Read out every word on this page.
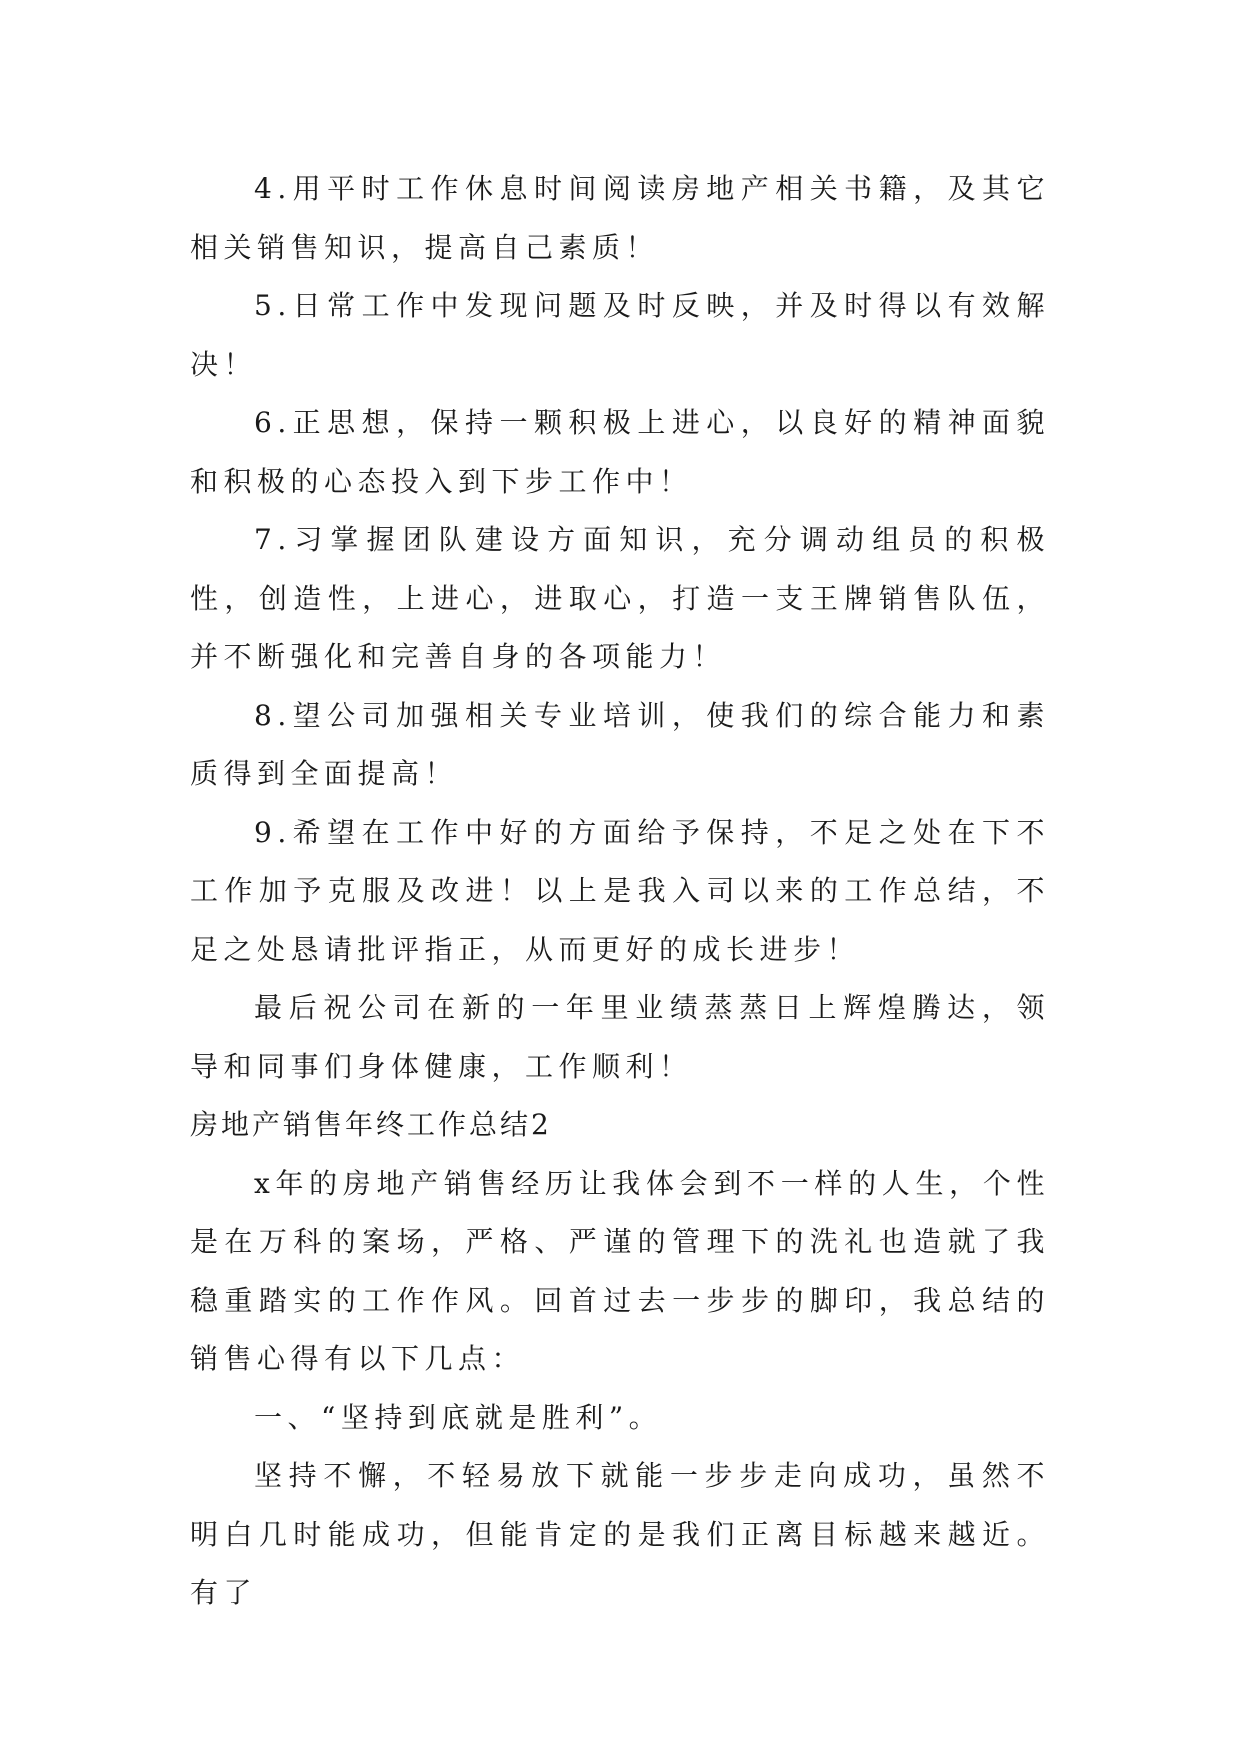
4.用平时工作休息时间阅读房地产相关书籍，及其它相关销售知识，提高自己素质！

5.日常工作中发现问题及时反映，并及时得以有效解决！

6.正思想，保持一颗积极上进心，以良好的精神面貌和积极的心态投入到下步工作中！

7.习掌握团队建设方面知识，充分调动组员的积极性，创造性，上进心，进取心，打造一支王牌销售队伍，并不断强化和完善自身的各项能力！

8.望公司加强相关专业培训，使我们的综合能力和素质得到全面提高！

9.希望在工作中好的方面给予保持，不足之处在下不工作加予克服及改进！以上是我入司以来的工作总结，不足之处恳请批评指正，从而更好的成长进步！

最后祝公司在新的一年里业绩蒸蒸日上辉煌腾达，领导和同事们身体健康，工作顺利！

房地产销售年终工作总结2

x年的房地产销售经历让我体会到不一样的人生，个性是在万科的案场，严格、严谨的管理下的洗礼也造就了我稳重踏实的工作作风。回首过去一步步的脚印，我总结的销售心得有以下几点：

一、“坚持到底就是胜利”。

坚持不懈，不轻易放下就能一步步走向成功，虽然不明白几时能成功，但能肯定的是我们正离目标越来越近。有了
